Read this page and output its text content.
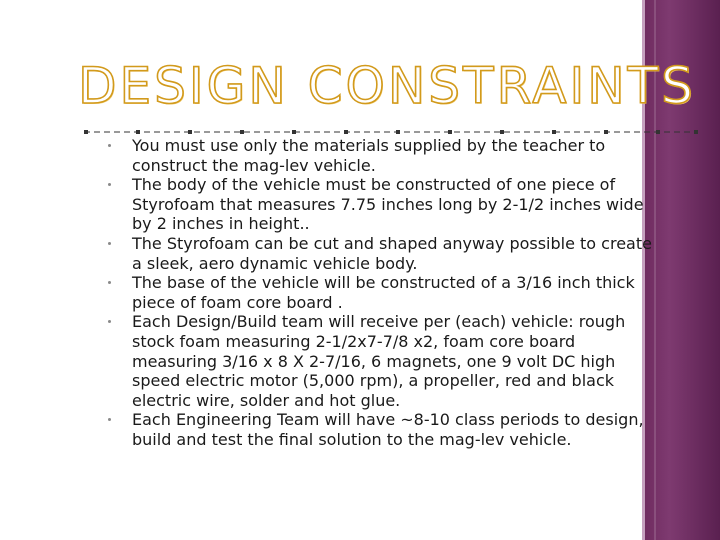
DESIGN CONSTRAINTS
You must use only the materials supplied by the teacher to construct the mag-lev vehicle.
The body of the vehicle must be constructed of one piece of Styrofoam that measures 7.75 inches long by 2-1/2 inches wide by 2 inches in height..
The Styrofoam can be cut and shaped anyway possible to create a sleek, aero dynamic vehicle body.
The base of the vehicle will be constructed of a 3/16 inch thick piece of foam core board .
Each Design/Build team will receive per (each) vehicle: rough stock foam measuring 2-1/2x7-7/8 x2, foam core board measuring 3/16 x 8 X 2-7/16, 6 magnets, one 9 volt DC high speed electric motor (5,000 rpm), a propeller, red and black electric wire, solder and hot glue.
Each Engineering Team will have ~8-10 class periods to design, build and test the final solution to the mag-lev vehicle.
